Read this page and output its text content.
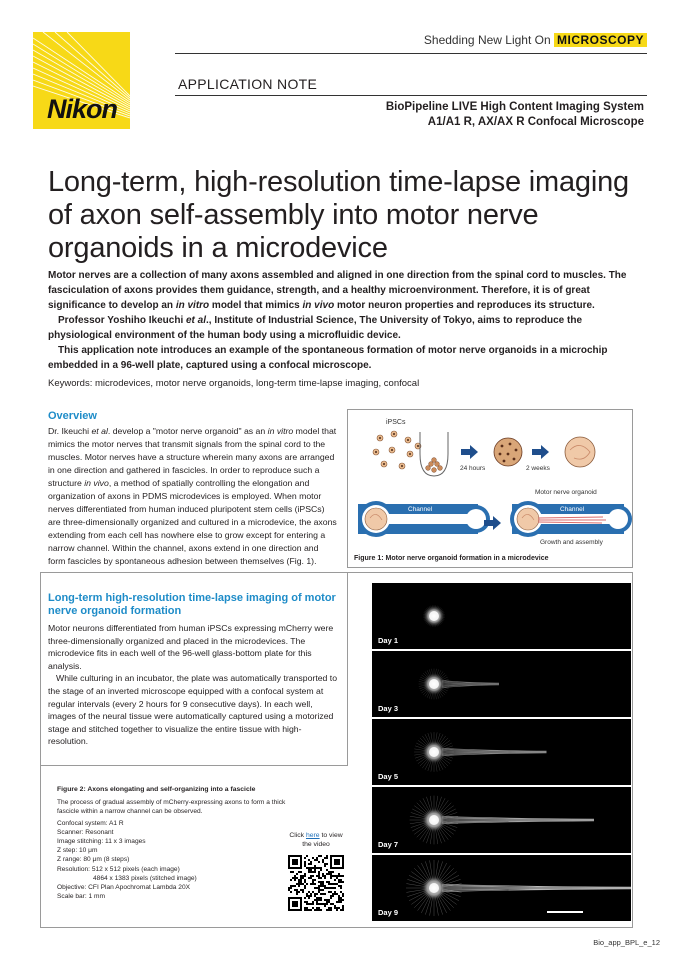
Nikon
Shedding New Light On MICROSCOPY
APPLICATION NOTE
BioPipeline LIVE High Content Imaging System
A1/A1 R, AX/AX R Confocal Microscope
Long-term, high-resolution time-lapse imaging of axon self-assembly into motor nerve organoids in a microdevice

Motor nerves are a collection of many axons assembled and aligned in one direction from the spinal cord to muscles. The fasciculation of axons provides them guidance, strength, and a healthy microenvironment. Therefore, it is of great significance to develop an in vitro model that mimics in vivo motor neuron properties and reproduces its structure.

Professor Yoshiho Ikeuchi et al., Institute of Industrial Science, The University of Tokyo, aims to reproduce the physiological environment of the human body using a microfluidic device.

This application note introduces an example of the spontaneous formation of motor nerve organoids in a microchip embedded in a 96-well plate, captured using a confocal microscope.

Keywords: microdevices, motor nerve organoids, long-term time-lapse imaging, confocal
Overview
Dr. Ikeuchi et al. develop a "motor nerve organoid" as an in vitro model that mimics the motor nerves that transmit signals from the spinal cord to the muscles. Motor nerves have a structure wherein many axons are arranged in one direction and gathered in fascicles. In order to reproduce such a structure in vivo, a method of spatially controlling the elongation and organization of axons in PDMS microdevices is employed. When motor nerves differentiated from human induced pluripotent stem cells (iPSCs) are three-dimensionally organized and cultured in a microdevice, the axons extending from each cell has nowhere else to grow except for entering a narrow channel. Within the channel, axons extend in one direction and form fascicles by spontaneous adhesion between themselves (Fig. 1).
iPSCs
24 hours	2 weeks
Motor nerve organoid
Channel	Channel
Growth and assembly
Figure 1: Motor nerve organoid formation in a microdevice
Long-term high-resolution time-lapse imaging of motor nerve organoid formation

Motor neurons differentiated from human iPSCs expressing mCherry were three-dimensionally organized and placed in the microdevices. The microdevice fits in each well of the 96-well glass-bottom plate for this analysis.

While culturing in an incubator, the plate was automatically transported to the stage of an inverted microscope equipped with a confocal system at regular intervals (every 2 hours for 9 consecutive days). In each well, images of the neural tissue were automatically captured using a motorized stage and stitched together to visualize the entire tissue with high-resolution.

Figure 2: Axons elongating and self-organizing into a fascicle
The process of gradual assembly of mCherry-expressing axons to form a thick fascicle within a narrow channel can be observed.
Confocal system: A1 R
Scanner: Resonant
Image stitching: 11 x 3 images
Z step: 10 μm
Z range: 80 μm (8 steps)
Resolution: 512 x 512 pixels (each image)
4864 x 1383 pixels (stitched image)
Objective: CFI Plan Apochromat Lambda 20X
Scale bar: 1 mm
Click here to view the video
Day 1
Day 3
Day 5
Day 7
Day 9
Bio_app_BPL_e_12
